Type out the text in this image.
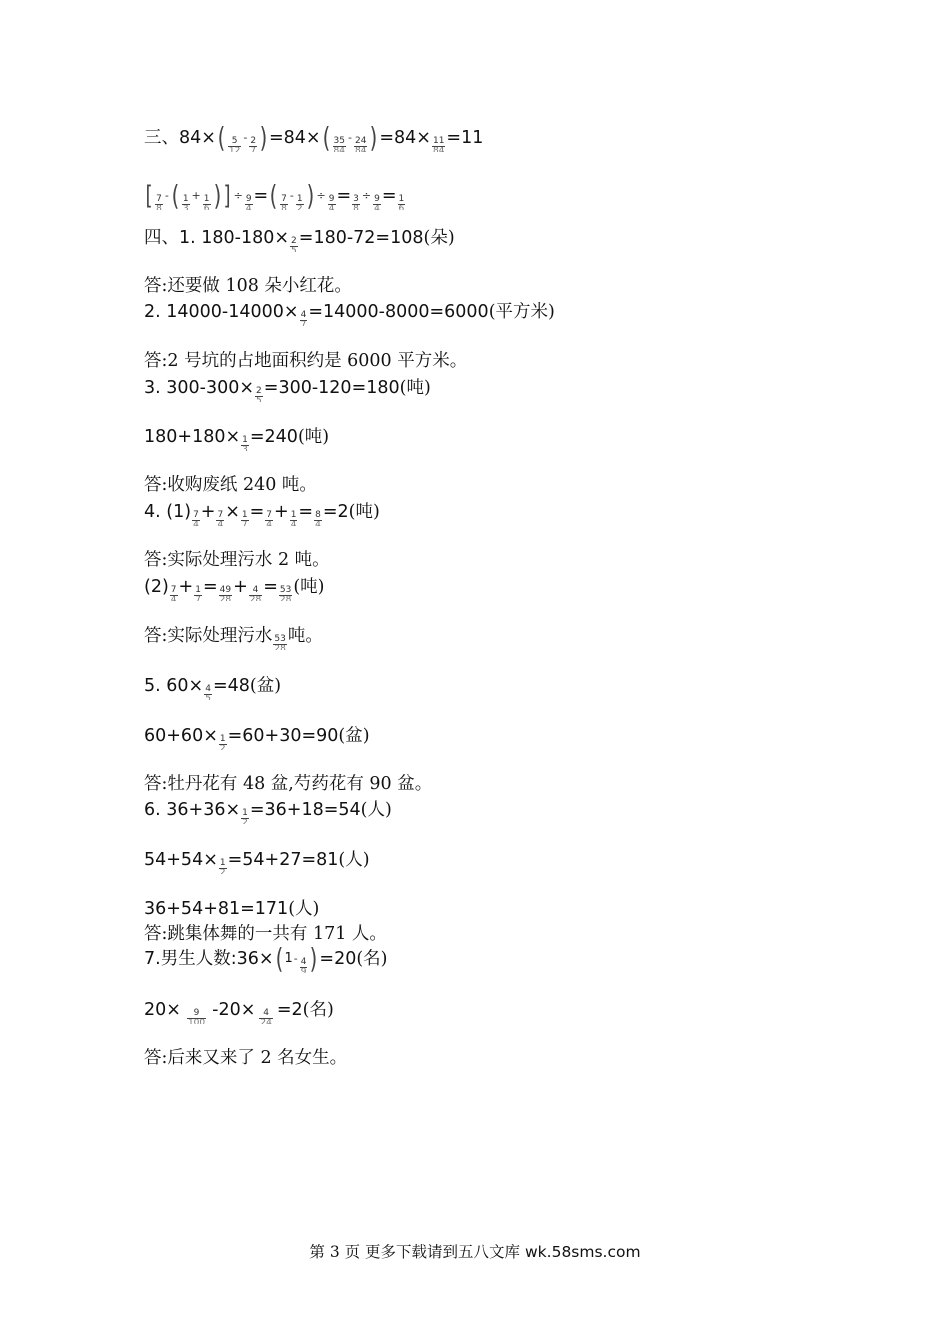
三、$84\times( \frac{5}{12} - \frac{2}{7} )=84\times( \frac{35}{84} - \frac{24}{84} )=84\times \frac{11}{84} =11$
[ $\frac{7}{8}$ -( $\frac{1}{3} + \frac{1}{6}$ ) ] ÷ $\frac{9}{4}$ =( $\frac{7}{8} - \frac{1}{2}$ ) ÷ $\frac{9}{4} = \frac{3}{8} \div \frac{9}{4} = \frac{1}{6}$
四、1. $180-180\times \frac{2}{5} =180-72=108$(朵)
答:还要做 108 朵小红花。
2. $14000-14000\times \frac{4}{7} =14000-8000=6000$(平方米)
答:2 号坑的占地面积约是 6000 平方米。
3. $300-300\times \frac{2}{5} =300-120=180$(吨)
$180+180\times \frac{1}{3} =240$(吨)
答:收购废纸 240 吨。
4. $(1) \frac{7}{4} + \frac{7}{4} \times \frac{1}{7} = \frac{7}{4} + \frac{1}{4} = \frac{8}{4} =2$(吨)
答:实际处理污水 2 吨。
$(2) \frac{7}{4} + \frac{1}{7} = \frac{49}{28} + \frac{4}{28} = \frac{53}{28}$ (吨)
答:实际处理污水 $\frac{53}{28}$ 吨。
5. $60\times \frac{4}{5} =48$(盆)
$60+60\times \frac{1}{2} =60+30=90$(盆)
答:牡丹花有 48 盆,芍药花有 90 盆。
6. $36+36\times \frac{1}{2} =36+18=54$(人)
$54+54\times \frac{1}{2} =54+27=81$(人)
36+54+81=171(人)
答:跳集体舞的一共有 171 人。
7.男生人数:36×( $1- \frac{4}{9} )=20$(名)
$20\times \frac{9}{100} -20\times \frac{4}{24} =2$(名)
答:后来又来了 2 名女生。
第 3 页 更多下载请到五八文库 wk.58sms.com
